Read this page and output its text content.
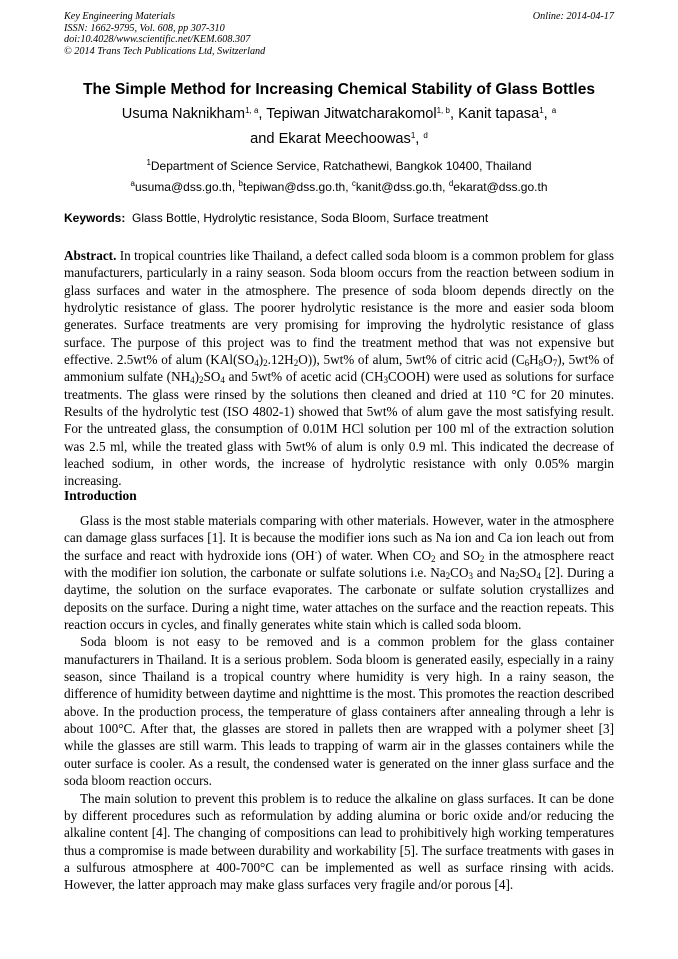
Key Engineering Materials
ISSN: 1662-9795, Vol. 608, pp 307-310
doi:10.4028/www.scientific.net/KEM.608.307
© 2014 Trans Tech Publications Ltd, Switzerland
Online: 2014-04-17
The Simple Method for Increasing Chemical Stability of Glass Bottles
Usuma Naknikham$^{1, a}$, Tepiwan Jitwatcharakomol$^{1, b}$, Kanit tapasa$^1$, $^a$
and Ekarat Meechoowas$^1$, $^d$
$^1$Department of Science Service, Ratchathewi, Bangkok 10400, Thailand
$^a$usuma@dss.go.th, $^b$tepiwan@dss.go.th, $^c$kanit@dss.go.th, $^d$ekarat@dss.go.th
Keywords: Glass Bottle, Hydrolytic resistance, Soda Bloom, Surface treatment
Abstract. In tropical countries like Thailand, a defect called soda bloom is a common problem for glass manufacturers, particularly in a rainy season. Soda bloom occurs from the reaction between sodium in glass surfaces and water in the atmosphere. The presence of soda bloom depends directly on the hydrolytic resistance of glass. The poorer hydrolytic resistance is the more and easier soda bloom generates. Surface treatments are very promising for improving the hydrolytic resistance of glass surface. The purpose of this project was to find the treatment method that was not expensive but effective. 2.5wt% of alum $(KAl(SO_4)_2.12H_2O)$), 5wt% of alum, 5wt% of citric acid $(C_6H_8O_7)$, 5wt% of ammonium sulfate $(NH_4)_2SO_4$ and 5wt% of acetic acid $(CH_3COOH)$ were used as solutions for surface treatments. The glass were rinsed by the solutions then cleaned and dried at 110 °C for 20 minutes. Results of the hydrolytic test (ISO 4802-1) showed that 5wt% of alum gave the most satisfying result. For the untreated glass, the consumption of 0.01M HCl solution per 100 ml of the extraction solution was 2.5 ml, while the treated glass with 5wt% of alum is only 0.9 ml. This indicated the decrease of leached sodium, in other words, the increase of hydrolytic resistance with only 0.05% margin increasing.
Introduction

Glass is the most stable materials comparing with other materials. However, water in the atmosphere can damage glass surfaces [1]. It is because the modifier ions such as Na ion and Ca ion leach out from the surface and react with hydroxide ions (OH-) of water. When $CO_2$ and $SO_2$ in the atmosphere react with the modifier ion solution, the carbonate or sulfate solutions i.e. $Na_2CO_3$ and $Na_2SO_4$ [2]. During a daytime, the solution on the surface evaporates. The carbonate or sulfate solution crystallizes and deposits on the surface. During a night time, water attaches on the surface and the reaction repeats. This reaction occurs in cycles, and finally generates white stain which is called soda bloom.

Soda bloom is not easy to be removed and is a common problem for the glass container manufacturers in Thailand. It is a serious problem. Soda bloom is generated easily, especially in a rainy season, since Thailand is a tropical country where humidity is very high. In a rainy season, the difference of humidity between daytime and nighttime is the most. This promotes the reaction described above. In the production process, the temperature of glass containers after annealing through a lehr is about 100°C. After that, the glasses are stored in pallets then are wrapped with a polymer sheet [3] while the glasses are still warm. This leads to trapping of warm air in the glasses containers while the outer surface is cooler. As a result, the condensed water is generated on the inner glass surface and the soda bloom reaction occurs.

The main solution to prevent this problem is to reduce the alkaline on glass surfaces. It can be done by different procedures such as reformulation by adding alumina or boric oxide and/or reducing the alkaline content [4]. The changing of compositions can lead to prohibitively high working temperatures thus a compromise is made between durability and workability [5]. The surface treatments with gases in a sulfurous atmosphere at 400-700°C can be implemented as well as surface rinsing with acids. However, the latter approach may make glass surfaces very fragile and/or porous [4].
